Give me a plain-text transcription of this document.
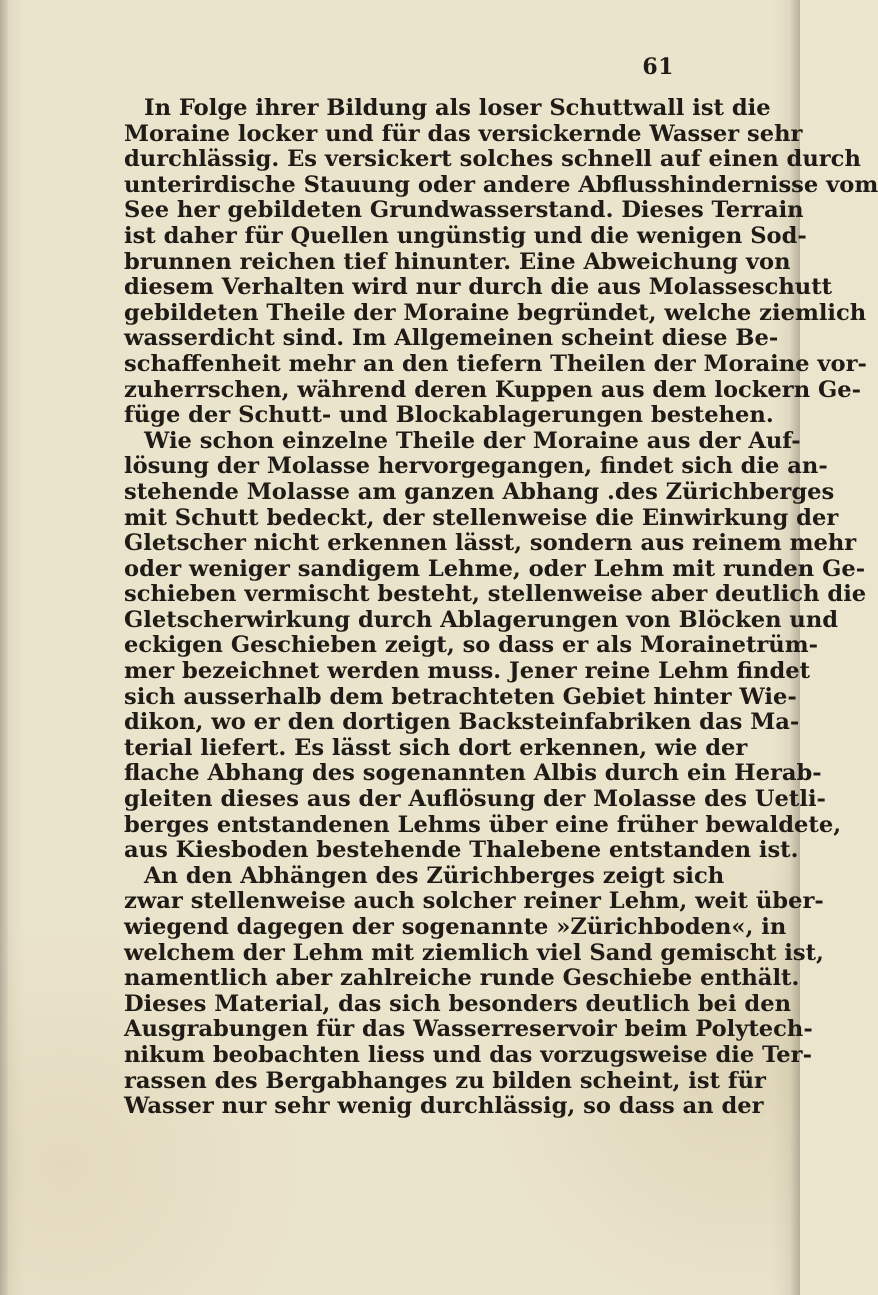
61
In Folge ihrer Bildung als loser Schuttwall ist die
Moraine locker und für das versickernde Wasser sehr
durchlässig. Es versickert solches schnell auf einen durch
unterirdische Stauung oder andere Abflusshindernisse vom
See her gebildeten Grundwasserstand. Dieses Terrain
ist daher für Quellen ungünstig und die wenigen Sod-
brunnen reichen tief hinunter. Eine Abweichung von
diesem Verhalten wird nur durch die aus Molasseschutt
gebildeten Theile der Moraine begründet, welche ziemlich
wasserdicht sind. Im Allgemeinen scheint diese Be-
schaffenheit mehr an den tiefern Theilen der Moraine vor-
zuherrschen, während deren Kuppen aus dem lockern Ge-
füge der Schutt- und Blockablagerungen bestehen.
Wie schon einzelne Theile der Moraine aus der Auf-
lösung der Molasse hervorgegangen, findet sich die an-
stehende Molasse am ganzen Abhang .des Zürichberges
mit Schutt bedeckt, der stellenweise die Einwirkung der
Gletscher nicht erkennen lässt, sondern aus reinem mehr
oder weniger sandigem Lehme, oder Lehm mit runden Ge-
schieben vermischt besteht, stellenweise aber deutlich die
Gletscherwirkung durch Ablagerungen von Blöcken und
eckigen Geschieben zeigt, so dass er als Morainetrüm-
mer bezeichnet werden muss. Jener reine Lehm findet
sich ausserhalb dem betrachteten Gebiet hinter Wie-
dikon, wo er den dortigen Backsteinfabriken das Ma-
terial liefert. Es lässt sich dort erkennen, wie der
flache Abhang des sogenannten Albis durch ein Herab-
gleiten dieses aus der Auflösung der Molasse des Uetli-
berges entstandenen Lehms über eine früher bewaldete,
aus Kiesboden bestehende Thalebene entstanden ist.
An den Abhängen des Zürichberges zeigt sich
zwar stellenweise auch solcher reiner Lehm, weit über-
wiegend dagegen der sogenannte »Zürichboden«, in
welchem der Lehm mit ziemlich viel Sand gemischt ist,
namentlich aber zahlreiche runde Geschiebe enthält.
Dieses Material, das sich besonders deutlich bei den
Ausgrabungen für das Wasserreservoir beim Polytech-
nikum beobachten liess und das vorzugsweise die Ter-
rassen des Bergabhanges zu bilden scheint, ist für
Wasser nur sehr wenig durchlässig, so dass an der
